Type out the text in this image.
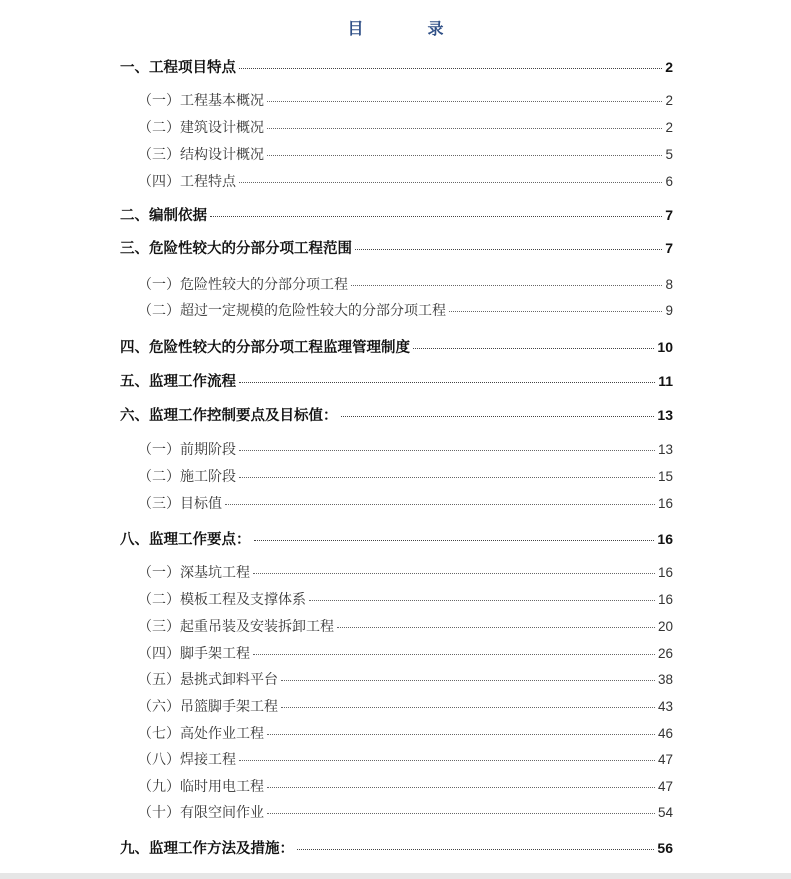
目　录
一、工程项目特点	2
（一）工程基本概况	2
（二）建筑设计概况	2
（三）结构设计概况	5
（四）工程特点	6
二、编制依据	7
三、危险性较大的分部分项工程范围	7
（一）危险性较大的分部分项工程	8
（二）超过一定规模的危险性较大的分部分项工程	9
四、危险性较大的分部分项工程监理管理制度	10
五、监理工作流程	11
六、监理工作控制要点及目标值：	13
（一）前期阶段	13
（二）施工阶段	15
（三）目标值	16
八、监理工作要点：	16
（一）深基坑工程	16
（二）模板工程及支撑体系	16
（三）起重吊装及安装拆卸工程	20
（四）脚手架工程	26
（五）悬挑式卸料平台	38
（六）吊篮脚手架工程	43
（七）高处作业工程	46
（八）焊接工程	47
（九）临时用电工程	47
（十）有限空间作业	54
九、监理工作方法及措施：	56
